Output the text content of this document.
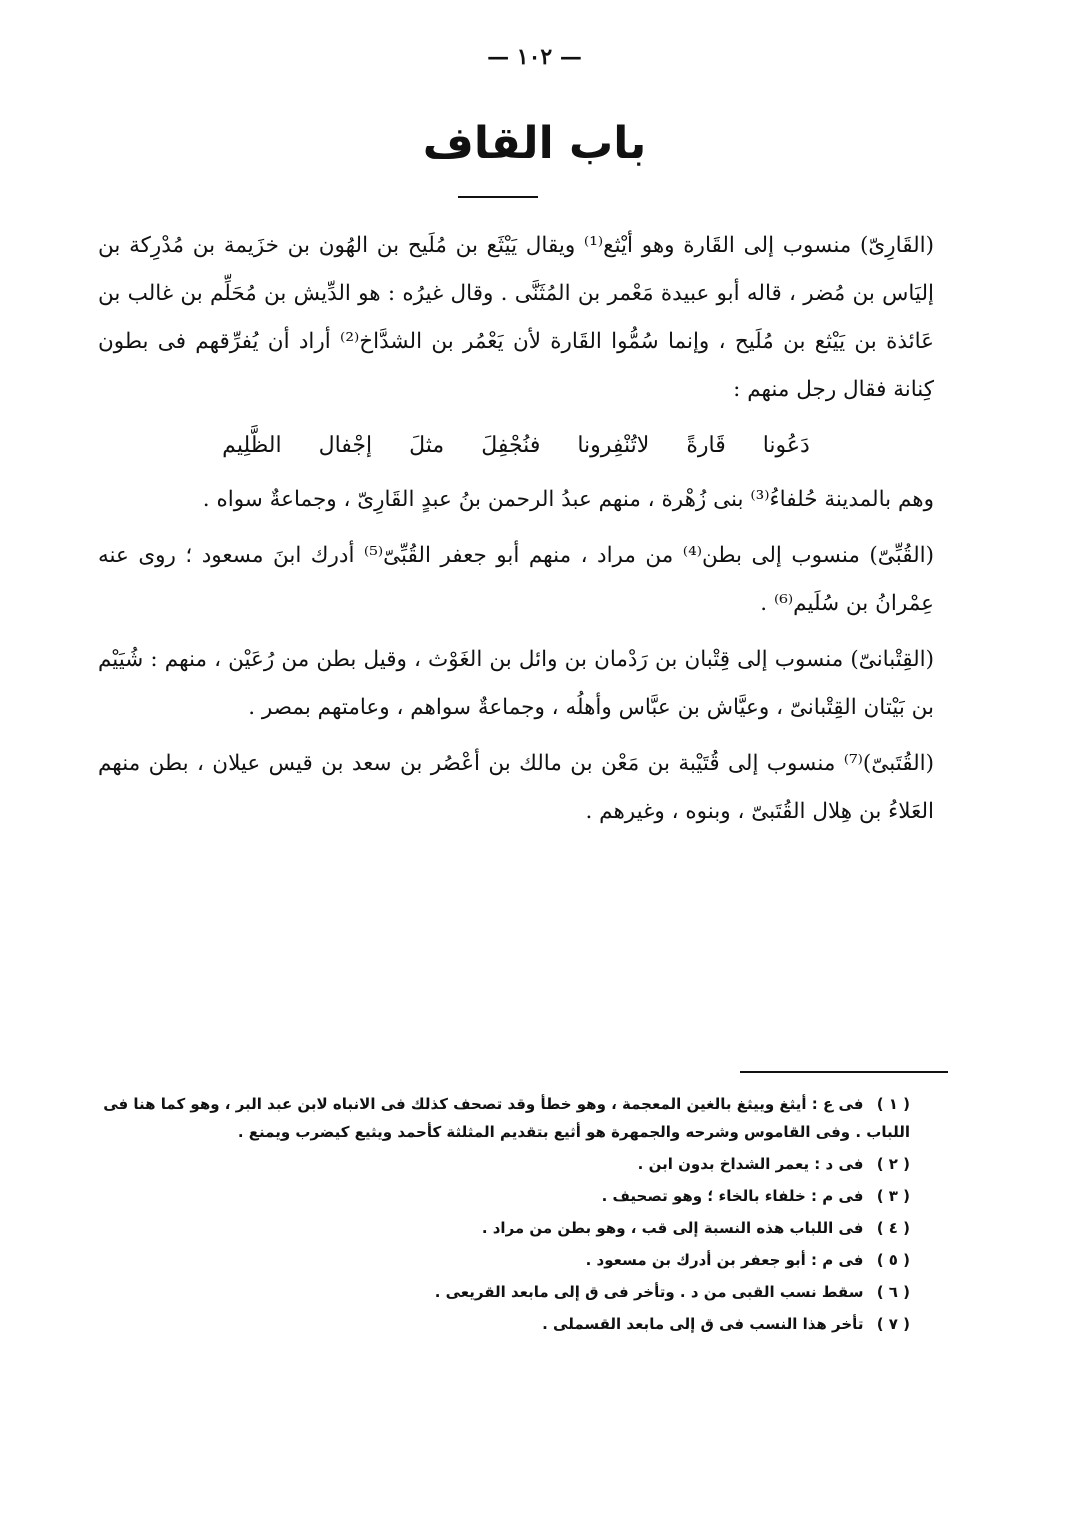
— ١٠٢ —
باب القاف

(القَارِىّ) منسوب إلى القَارة وهو أيْثع⁽¹⁾ ويقال يَيْثَع بن مُلَيح بن الهُون بن خزَيمة بن مُدْرِكة بن إليَاس بن مُضر ، قاله أبو عبيدة مَعْمر بن المُثَنَّى . وقال غيرُه : هو الدِّيش بن مُحَلِّم بن غالب بن عَائذة بن يَيْثع بن مُلَيح ، وإنما سُمُّوا القَارة لأن يَعْمُر بن الشدَّاخ⁽²⁾ أراد أن يُفرِّقهم فى بطون كِنانة فقال رجل منهم :

دَعُونا قَارةً لاتُنْفِرونا فنُجْفِلَ مثلَ إجْفال الظَّلِيم

وهم بالمدينة حُلفاءُ⁽³⁾ بنى زُهْرة ، منهم عبدُ الرحمن بنُ عبدٍ القَارِىّ ، وجماعةٌ سواه .

(القُبِّىّ) منسوب إلى بطن⁽⁴⁾ من مراد ، منهم أبو جعفر القُبِّىّ⁽⁵⁾ أدرك ابنَ مسعود ؛ روى عنه عِمْرانُ بن سُلَيم⁽⁶⁾ .

(القِتْبانىّ) منسوب إلى قِتْبان بن رَدْمان بن وائل بن الغَوْث ، وقيل بطن من رُعَيْن ، منهم : شُيَيْم بن بَيْتان القِتْبانىّ ، وعيَّاش بن عبَّاس وأهلُه ، وجماعةٌ سواهم ، وعامتهم بمصر .

(القُتَبىّ)⁽⁷⁾ منسوب إلى قُتَيْبة بن مَعْن بن مالك بن أعْصُر بن سعد بن قيس عيلان ، بطن منهم العَلاءُ بن هِلال القُتَبىّ ، وبنوه ، وغيرهم .

( ١ ) فى ع : أيثغ وييثغ بالغين المعجمة ، وهو خطأ وقد تصحف كذلك فى الانباه لابن عبد البر ، وهو كما هنا فى اللباب . وفى القاموس وشرحه والجمهرة هو أثيع بتقديم المثلثة كأحمد ويثيع كيضرب ويمنع .

( ٢ ) فى د : يعمر الشداخ بدون ابن .

( ٣ ) فى م : خلفاء بالخاء ؛ وهو تصحيف .

( ٤ ) فى اللباب هذه النسبة إلى قب ، وهو بطن من مراد .

( ٥ ) فى م : أبو جعفر بن أدرك بن مسعود .

( ٦ ) سقط نسب القبى من د . وتأخر فى ق إلى مابعد القريعى .

( ٧ ) تأخر هذا النسب فى ق إلى مابعد القسملى .
